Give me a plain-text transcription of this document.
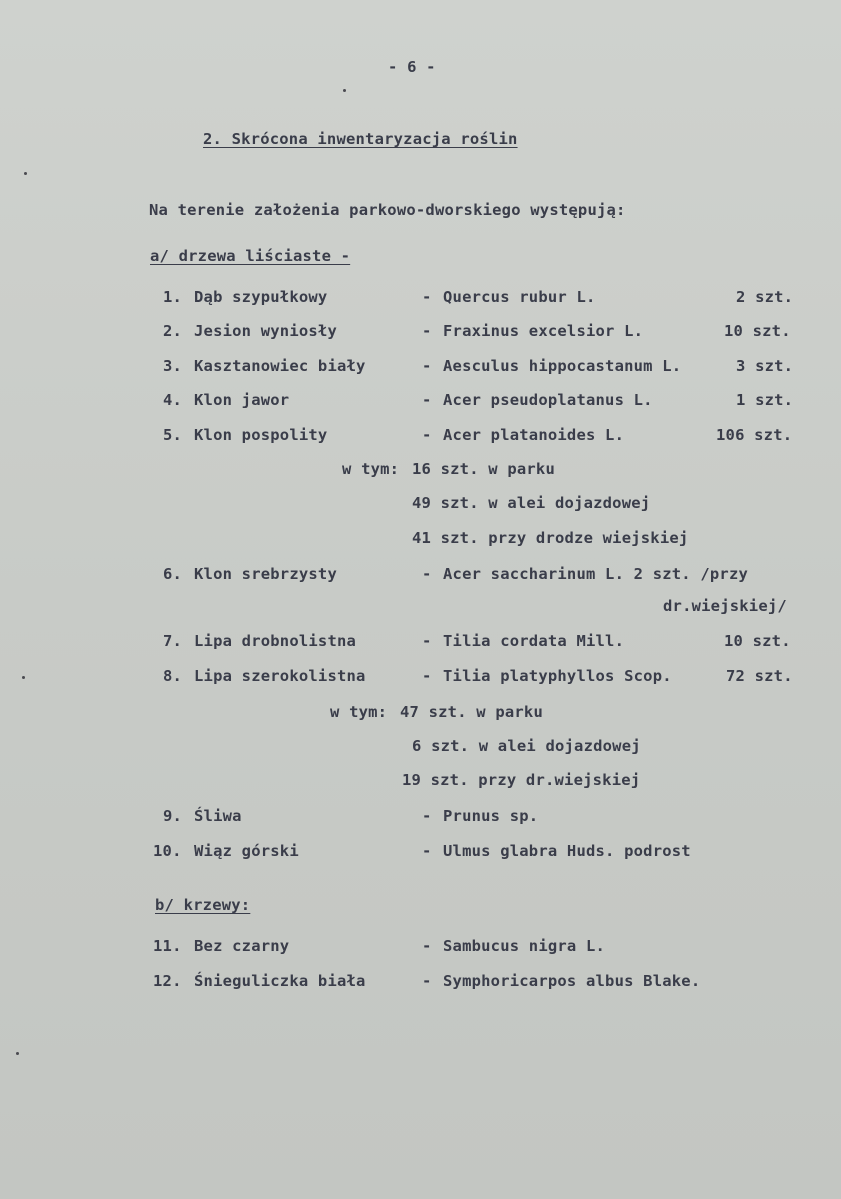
- 6 -
2. Skrócona inwentaryzacja roślin
Na terenie założenia parkowo-dworskiego występują:
a/ drzewa liściaste -
1. Dąb szypułkowy	- Quercus rubur L.	2 szt.
2. Jesion wyniosły	- Fraxinus excelsior L.	10 szt.
3. Kasztanowiec biały	- Aesculus hippocastanum L.	3 szt.
4. Klon jawor	- Acer pseudoplatanus L.	1 szt.
5. Klon pospolity	- Acer platanoides L.	106 szt.
w tym: 16 szt. w parku
49 szt. w alei dojazdowej
41 szt. przy drodze wiejskiej
6. Klon srebrzysty	- Acer saccharinum L. 2 szt. /przy
dr.wiejskiej/
7. Lipa drobnolistna	- Tilia cordata Mill.	10 szt.
8. Lipa szerokolistna	- Tilia platyphyllos Scop.	72 szt.
w tym: 47 szt. w parku
6 szt. w alei dojazdowej
19 szt. przy dr.wiejskiej
9. Śliwa	- Prunus sp.
10. Wiąz górski	- Ulmus glabra Huds. podrost
b/ krzewy:
11. Bez czarny	- Sambucus nigra L.
12. Śnieguliczka biała	- Symphoricarpos albus Blake.
